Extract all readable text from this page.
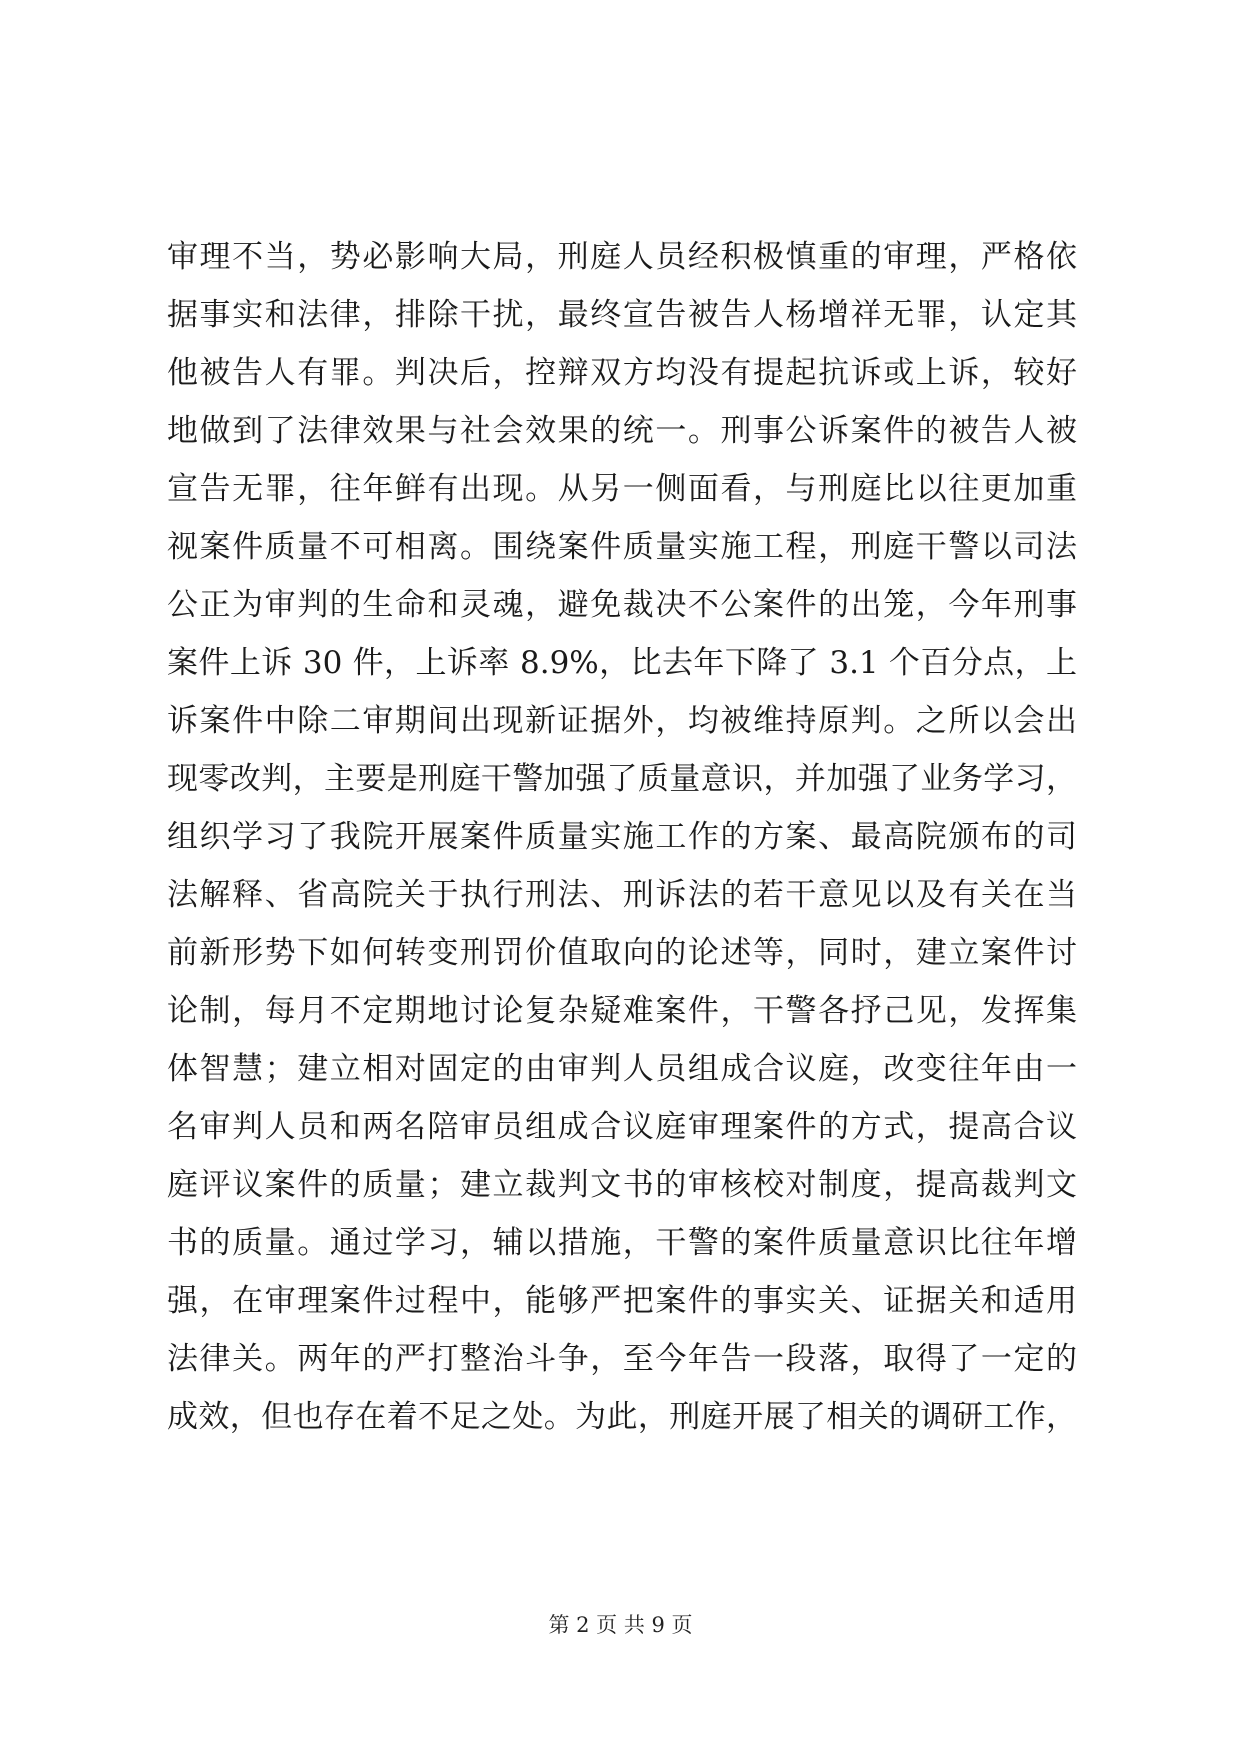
审理不当，势必影响大局，刑庭人员经积极慎重的审理，严格依
据事实和法律，排除干扰，最终宣告被告人杨增祥无罪，认定其
他被告人有罪。判决后，控辩双方均没有提起抗诉或上诉，较好
地做到了法律效果与社会效果的统一。刑事公诉案件的被告人被
宣告无罪，往年鲜有出现。从另一侧面看，与刑庭比以往更加重
视案件质量不可相离。围绕案件质量实施工程，刑庭干警以司法
公正为审判的生命和灵魂，避免裁决不公案件的出笼，今年刑事
案件上诉 30 件，上诉率 8.9%，比去年下降了 3.1 个百分点，上
诉案件中除二审期间出现新证据外，均被维持原判。之所以会出
现零改判，主要是刑庭干警加强了质量意识，并加强了业务学习，
组织学习了我院开展案件质量实施工作的方案、最高院颁布的司
法解释、省高院关于执行刑法、刑诉法的若干意见以及有关在当
前新形势下如何转变刑罚价值取向的论述等，同时，建立案件讨
论制，每月不定期地讨论复杂疑难案件，干警各抒己见，发挥集
体智慧；建立相对固定的由审判人员组成合议庭，改变往年由一
名审判人员和两名陪审员组成合议庭审理案件的方式，提高合议
庭评议案件的质量；建立裁判文书的审核校对制度，提高裁判文
书的质量。通过学习，辅以措施，干警的案件质量意识比往年增
强，在审理案件过程中，能够严把案件的事实关、证据关和适用
法律关。两年的严打整治斗争，至今年告一段落，取得了一定的
成效，但也存在着不足之处。为此，刑庭开展了相关的调研工作，
第 2 页 共 9 页
